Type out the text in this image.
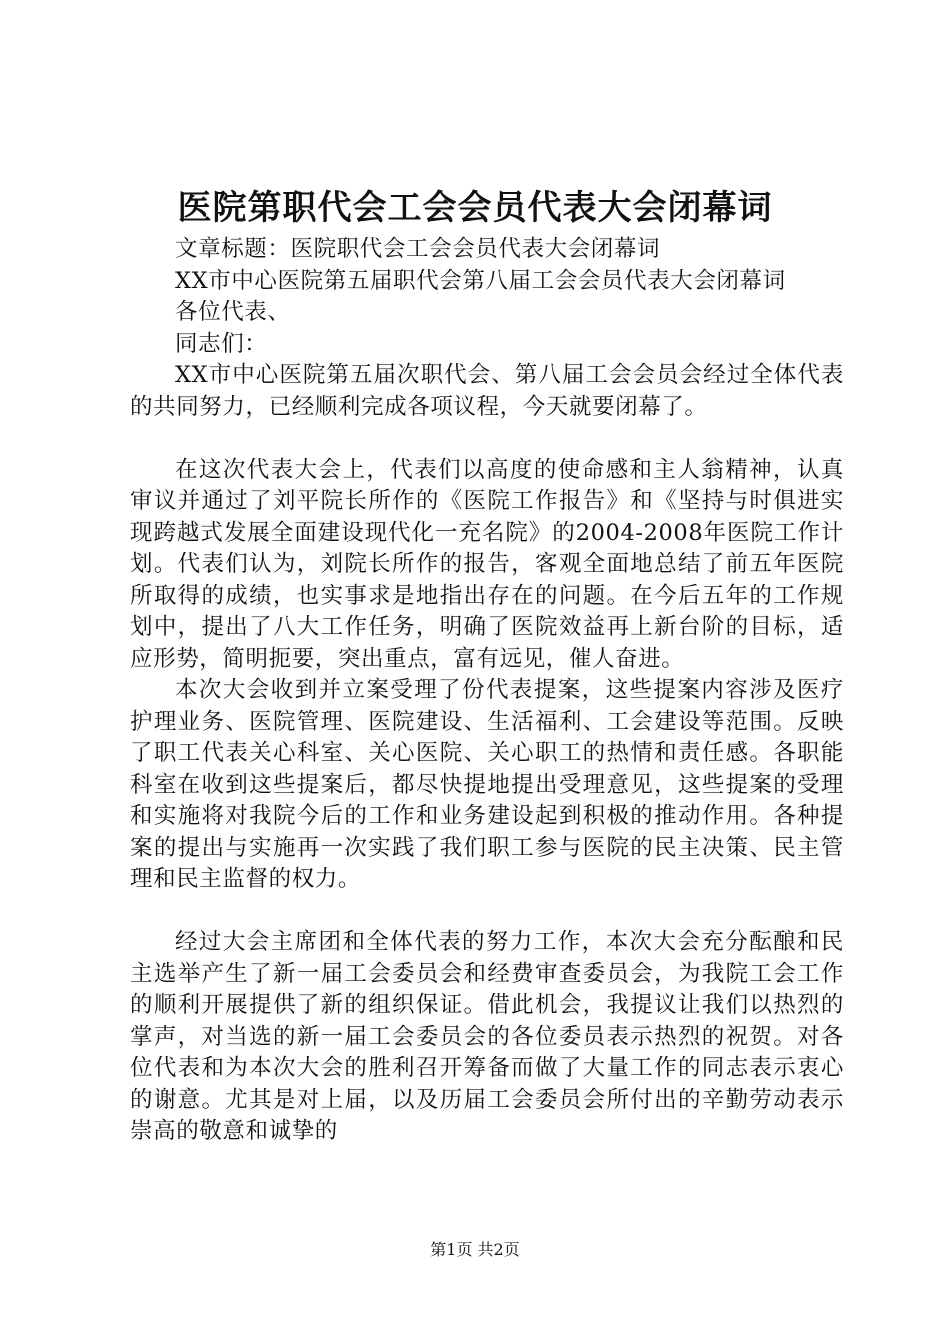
医院第职代会工会会员代表大会闭幕词

文章标题：医院职代会工会会员代表大会闭幕词

XX市中心医院第五届职代会第八届工会会员代表大会闭幕词

各位代表、

同志们：

XX市中心医院第五届次职代会、第八届工会会员会经过全体代表的共同努力，已经顺利完成各项议程，今天就要闭幕了。

在这次代表大会上，代表们以高度的使命感和主人翁精神，认真审议并通过了刘平院长所作的《医院工作报告》和《坚持与时俱进实现跨越式发展全面建设现代化一充名院》的2004-2008年医院工作计划。代表们认为，刘院长所作的报告，客观全面地总结了前五年医院所取得的成绩，也实事求是地指出存在的问题。在今后五年的工作规划中，提出了八大工作任务，明确了医院效益再上新台阶的目标，适应形势，简明扼要，突出重点，富有远见，催人奋进。

本次大会收到并立案受理了份代表提案，这些提案内容涉及医疗护理业务、医院管理、医院建设、生活福利、工会建设等范围。反映了职工代表关心科室、关心医院、关心职工的热情和责任感。各职能科室在收到这些提案后，都尽快提地提出受理意见，这些提案的受理和实施将对我院今后的工作和业务建设起到积极的推动作用。各种提案的提出与实施再一次实践了我们职工参与医院的民主决策、民主管理和民主监督的权力。

经过大会主席团和全体代表的努力工作，本次大会充分酝酿和民主选举产生了新一届工会委员会和经费审查委员会，为我院工会工作的顺利开展提供了新的组织保证。借此机会，我提议让我们以热烈的掌声，对当选的新一届工会委员会的各位委员表示热烈的祝贺。对各位代表和为本次大会的胜利召开筹备而做了大量工作的同志表示衷心的谢意。尤其是对上届，以及历届工会委员会所付出的辛勤劳动表示崇高的敬意和诚挚的

第1页 共2页
